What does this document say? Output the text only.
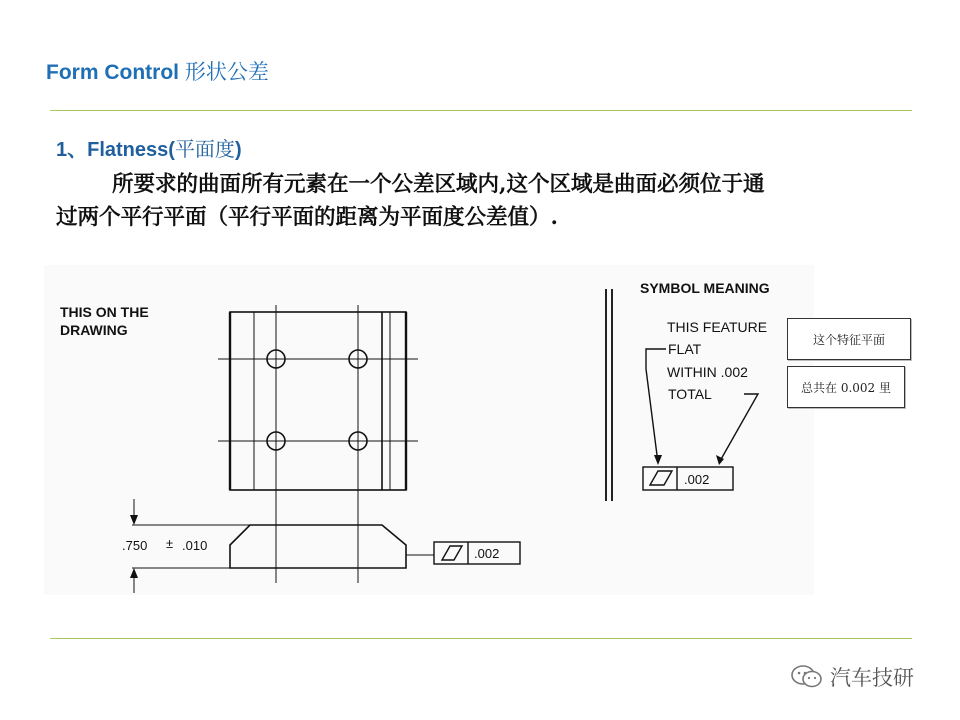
Form Control 形状公差
1、Flatness(平面度)
所要求的曲面所有元素在一个公差区域内,这个区域是曲面必须位于通
过两个平行平面（平行平面的距离为平面度公差值）.
THIS ON THE
DRAWING
.750 ± .010
.002
SYMBOL MEANING
THIS FEATURE
FLAT
WITHIN .002
TOTAL
.002
这个特征平面
总共在 0.002 里
汽车技研
